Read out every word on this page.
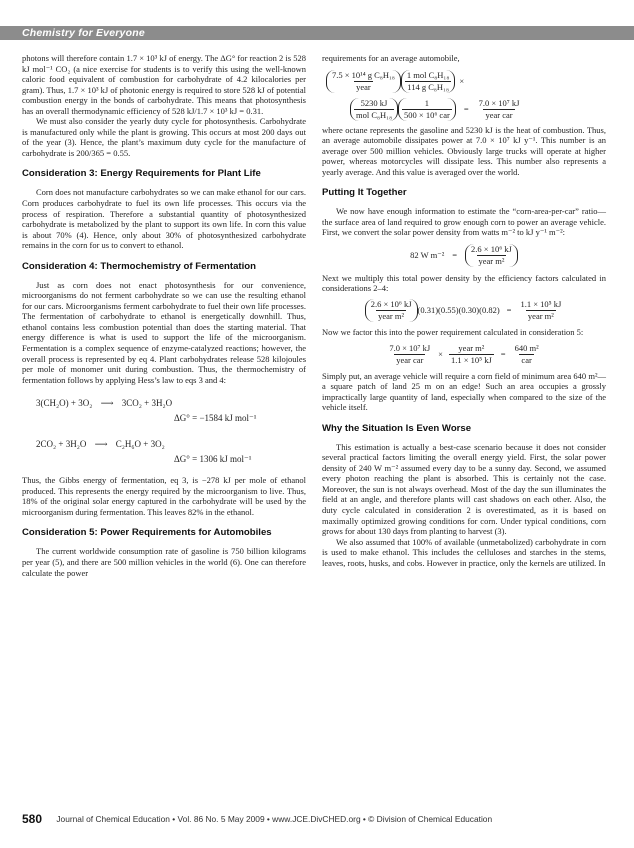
Chemistry for Everyone

photons will therefore contain 1.7 × 10³ kJ of energy. The ΔG° for reaction 2 is 528 kJ mol⁻¹ CO₂ (a nice exercise for students is to verify this using the well-known caloric food equivalent of combustion for carbohydrate of 4.2 kilocalories per gram). Thus, 1.7 × 10³ kJ of photonic energy is required to store 528 kJ of potential combustion energy in the bonds of carbohydrate. This means that photosynthesis has an overall thermodynamic efficiency of 528 kJ/1.7 × 10³ kJ = 0.31.

We must also consider the yearly duty cycle for photosynthesis. Carbohydrate is manufactured only while the plant is growing. This occurs at most 200 days out of the year (3). Hence, the plant’s maximum duty cycle for the manufacture of carbohydrate is 200/365 = 0.55.

Consideration 3: Energy Requirements for Plant Life

Corn does not manufacture carbohydrates so we can make ethanol for our cars. Corn produces carbohydrate to fuel its own life processes. This occurs via the process of respiration. Therefore a substantial quantity of photosynthesized carbohydrate is metabolized by the plant to support its own life. In corn this value is about 70% (4). Hence, only about 30% of photosynthesized carbohydrate remains in the corn for us to convert to ethanol.

Consideration 4: Thermochemistry of Fermentation

Just as corn does not enact photosynthesis for our convenience, microorganisms do not ferment carbohydrate so we can use the resulting ethanol for our cars. Microorganisms ferment carbohydrate to fuel their own life processes. The fermentation of carbohydrate to ethanol is energetically downhill. Thus, ethanol contains less combustion potential than does the starting material. That energy difference is what is used to support the life of the microorganism. Fermentation is a complex sequence of enzyme-catalyzed reactions; however, the overall process is represented by eq 4. Plant carbohydrates release 528 kilojoules per mole of monomer unit during combustion. Thus, the thermochemistry of fermentation follows by applying Hess’s law to eqs 3 and 4:

3(CH₂O) + 3O₂ ⟶ 3CO₂ + 3H₂O
ΔG° = −1584 kJ mol⁻¹
2CO₂ + 3H₂O ⟶ C₂H₆O + 3O₂
ΔG° = 1306 kJ mol⁻¹

Thus, the Gibbs energy of fermentation, eq 3, is −278 kJ per mole of ethanol produced. This represents the energy required by the microorganism to live. Thus, 18% of the original solar energy captured in the carbohydrate will be used by the microorganism during fermentation. This leaves 82% in the ethanol.

Consideration 5: Power Requirements for Automobiles

The current worldwide consumption rate of gasoline is 750 billion kilograms per year (5), and there are 500 million vehicles in the world (6). One can therefore calculate the power

requirements for an average automobile,

$\frac{\text{7.5 × 10¹⁴ g C₈H₁₈}}{\text{year}} \frac{\text{1 mol C₈H₁₈}}{\text{114 g C₈H₁₈}}$ ×
$\frac{5230 kJ}{\text{mol C₈H₁₈}} \frac{1}{\text{500 × 10⁶ car}} = \frac{\text{7.0 × 10⁷ kJ}}{\text{year car}}$

where octane represents the gasoline and 5230 kJ is the heat of combustion. Thus, an average automobile dissipates power at 7.0 × 10⁷ kJ y⁻¹. This number is an average over 500 million vehicles. Obviously large trucks will operate at higher power, whereas motorcycles will dissipate less. This number also represents a yearly average. And this value is averaged over the world.

Putting It Together

We now have enough information to estimate the “corn-area-per-car” ratio—the surface area of land required to grow enough corn to power an average vehicle. First, we convert the solar power density from watts m⁻² to kJ y⁻¹ m⁻²:

82 W $m^{-2} = \frac{\text{2.6 × 10⁶ kJ}}{\text{year m²}}$

Next we multiply this total power density by the efficiency factors calculated in considerations 2–4:

$\frac{\text{2.6 × 10⁶ kJ}}{\text{year m²}} (0.31)(0.55)(0.30)(0.82) = \frac{\text{1.1 × 10⁵ kJ}}{\text{year m²}}$

Now we factor this into the power requirement calculated in consideration 5:

$\frac{\text{7.0 × 10⁷ kJ}}{\text{year car}} \times \frac{\text{year m²}}{\text{1.1 × 10⁵ kJ}} = \frac{\text{640 m²}}{\text{car}}$

Simply put, an average vehicle will require a corn field of minimum area 640 m²—a square patch of land 25 m on an edge! Such an area occupies a grossly impractically large quantity of land, especially when compared to the size of the vehicle itself.

Why the Situation Is Even Worse

This estimation is actually a best-case scenario because it does not consider several practical factors limiting the overall energy yield. First, the solar power density of 240 W m⁻² assumed every day to be a sunny day. Second, we assumed every photon reaching the plant is absorbed. This is certainly not the case. Moreover, the sun is not always overhead. Most of the day the sun illuminates the field at an angle, and therefore plants will cast shadows on each other. Also, the duty cycle calculated in consideration 2 is overestimated, as it is based on maximally optimized growing conditions for corn. Under typical conditions, corn grows for about 130 days from planting to harvest (3).

We also assumed that 100% of available (unmetabolized) carbohydrate in corn is used to make ethanol. This includes the celluloses and starches in the stems, leaves, roots, husks, and cobs. However in practice, only the kernels are utilized. In

580 Journal of Chemical Education • Vol. 86 No. 5 May 2009 • www.JCE.DivCHED.org • © Division of Chemical Education
